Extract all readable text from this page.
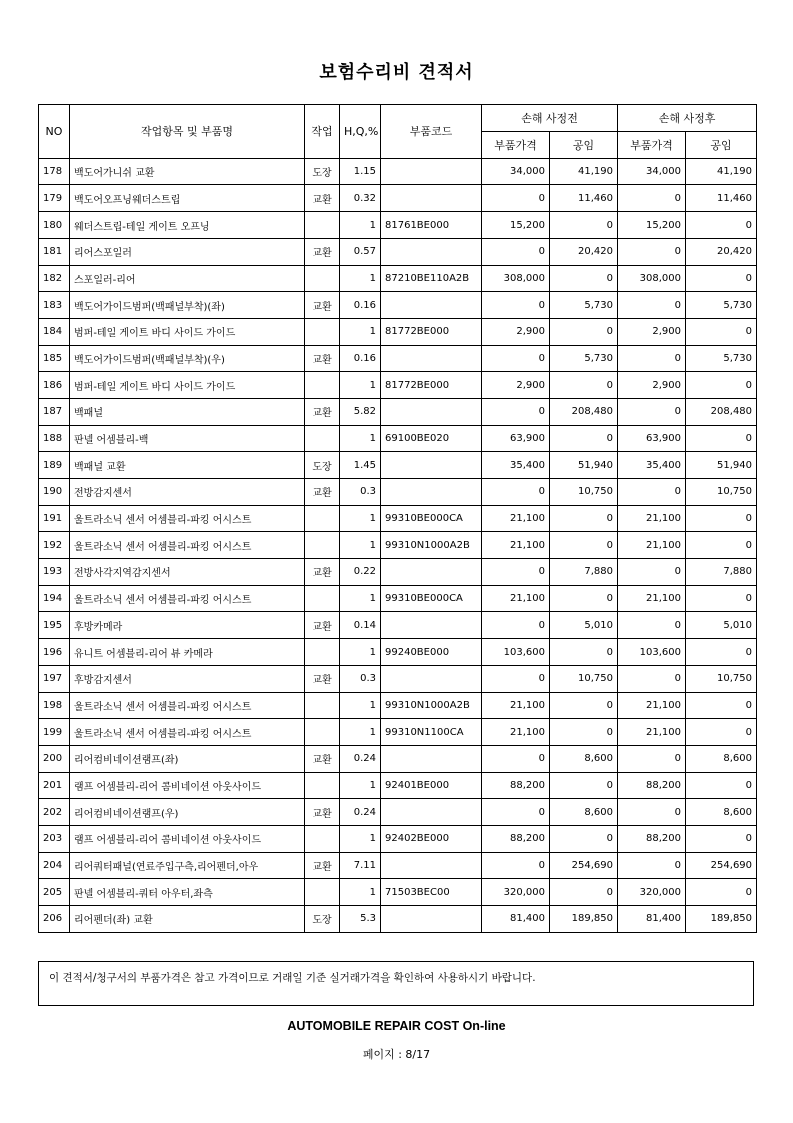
보험수리비 견적서
NO	작업항목 및 부품명	작업	H,Q,%	부품코드	손해 사정전		손해 사정후	
					부품가격	공임	부품가격	공임
178	백도어가니쉬 교환	도장	1.15		34,000	41,190	34,000	41,190
179	백도어오프닝웨더스트립	교환	0.32		0	11,460	0	11,460
180	웨더스트립-테일 게이트 오프닝		1	81761BE000	15,200	0	15,200	0
181	리어스포일러	교환	0.57		0	20,420	0	20,420
182	스포일러-리어		1	87210BE110A2B	308,000	0	308,000	0
183	백도어가이드범퍼(백패널부착)(좌)	교환	0.16		0	5,730	0	5,730
184	범퍼-테일 게이트 바디 사이드 가이드		1	81772BE000	2,900	0	2,900	0
185	백도어가이드범퍼(백패널부착)(우)	교환	0.16		0	5,730	0	5,730
186	범퍼-테일 게이트 바디 사이드 가이드		1	81772BE000	2,900	0	2,900	0
187	백패널	교환	5.82		0	208,480	0	208,480
188	판넬 어셈블리-백		1	69100BE020	63,900	0	63,900	0
189	백패널 교환	도장	1.45		35,400	51,940	35,400	51,940
190	전방감지센서	교환	0.3		0	10,750	0	10,750
191	울트라소닉 센서 어셈블리-파킹 어시스트		1	99310BE000CA	21,100	0	21,100	0
192	울트라소닉 센서 어셈블리-파킹 어시스트		1	99310N1000A2B	21,100	0	21,100	0
193	전방사각지역감지센서	교환	0.22		0	7,880	0	7,880
194	울트라소닉 센서 어셈블리-파킹 어시스트		1	99310BE000CA	21,100	0	21,100	0
195	후방카메라	교환	0.14		0	5,010	0	5,010
196	유니트 어셈블리-리어 뷰 카메라		1	99240BE000	103,600	0	103,600	0
197	후방감지센서	교환	0.3		0	10,750	0	10,750
198	울트라소닉 센서 어셈블리-파킹 어시스트		1	99310N1000A2B	21,100	0	21,100	0
199	울트라소닉 센서 어셈블리-파킹 어시스트		1	99310N1100CA	21,100	0	21,100	0
200	리어컴비네이션램프(좌)	교환	0.24		0	8,600	0	8,600
201	램프 어셈블리-리어 콤비네이션 아웃사이드		1	92401BE000	88,200	0	88,200	0
202	리어컴비네이션램프(우)	교환	0.24		0	8,600	0	8,600
203	램프 어셈블리-리어 콤비네이션 아웃사이드		1	92402BE000	88,200	0	88,200	0
204	리어쿼터패널(연료주입구측,리어펜더,아우	교환	7.11		0	254,690	0	254,690
205	판넬 어셈블리-쿼터 아우터,좌측		1	71503BEC00	320,000	0	320,000	0
206	리어펜더(좌) 교환	도장	5.3		81,400	189,850	81,400	189,850
이 견적서/청구서의 부품가격은 참고 가격이므로 거래일 기준 실거래가격을 확인하여 사용하시기 바랍니다.
AUTOMOBILE REPAIR COST On-line
페이지 : 8/17
